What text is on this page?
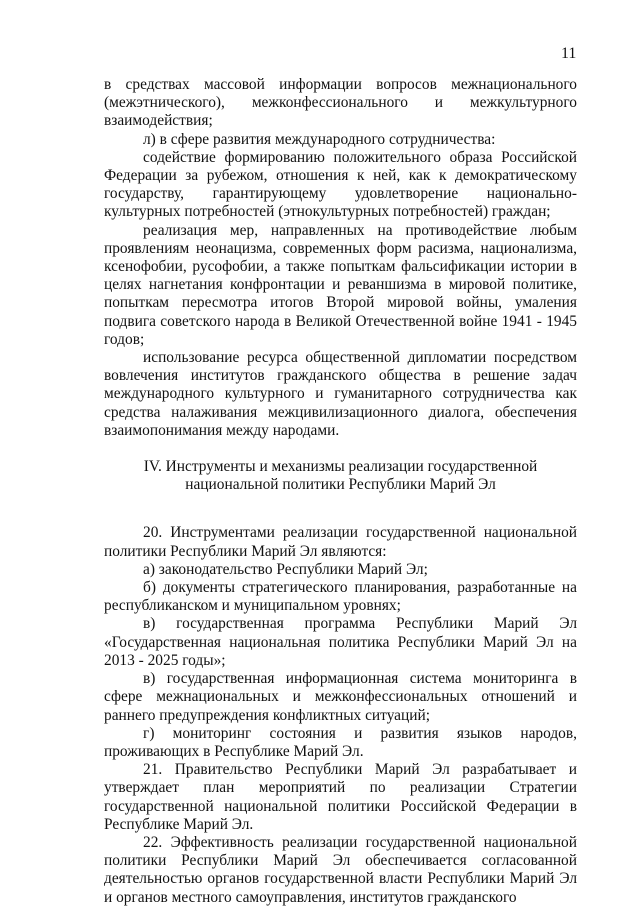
11

в средствах массовой информации вопросов межнационального (межэтнического), межконфессионального и межкультурного взаимодействия;

л) в сфере развития международного сотрудничества:

содействие формированию положительного образа Российской Федерации за рубежом, отношения к ней, как к демократическому государству, гарантирующему удовлетворение национально-культурных потребностей (этнокультурных потребностей) граждан;

реализация мер, направленных на противодействие любым проявлениям неонацизма, современных форм расизма, национализма, ксенофобии, русофобии, а также попыткам фальсификации истории в целях нагнетания конфронтации и реваншизма в мировой политике, попыткам пересмотра итогов Второй мировой войны, умаления подвига советского народа в Великой Отечественной войне 1941 - 1945 годов;

использование ресурса общественной дипломатии посредством вовлечения институтов гражданского общества в решение задач международного культурного и гуманитарного сотрудничества как средства налаживания межцивилизационного диалога, обеспечения взаимопонимания между народами.

IV. Инструменты и механизмы реализации государственной

национальной политики Республики Марий Эл

20. Инструментами реализации государственной национальной политики Республики Марий Эл являются:

а) законодательство Республики Марий Эл;

б) документы стратегического планирования, разработанные на республиканском и муниципальном уровнях;

в) государственная программа Республики Марий Эл «Государственная национальная политика Республики Марий Эл на 2013 - 2025 годы»;

в) государственная информационная система мониторинга в сфере межнациональных и межконфессиональных отношений и раннего предупреждения конфликтных ситуаций;

г) мониторинг состояния и развития языков народов, проживающих в Республике Марий Эл.

21. Правительство Республики Марий Эл разрабатывает и утверждает план мероприятий по реализации Стратегии государственной национальной политики Российской Федерации в Республике Марий Эл.

22. Эффективность реализации государственной национальной политики Республики Марий Эл обеспечивается согласованной деятельностью органов государственной власти Республики Марий Эл и органов местного самоуправления, институтов гражданского
